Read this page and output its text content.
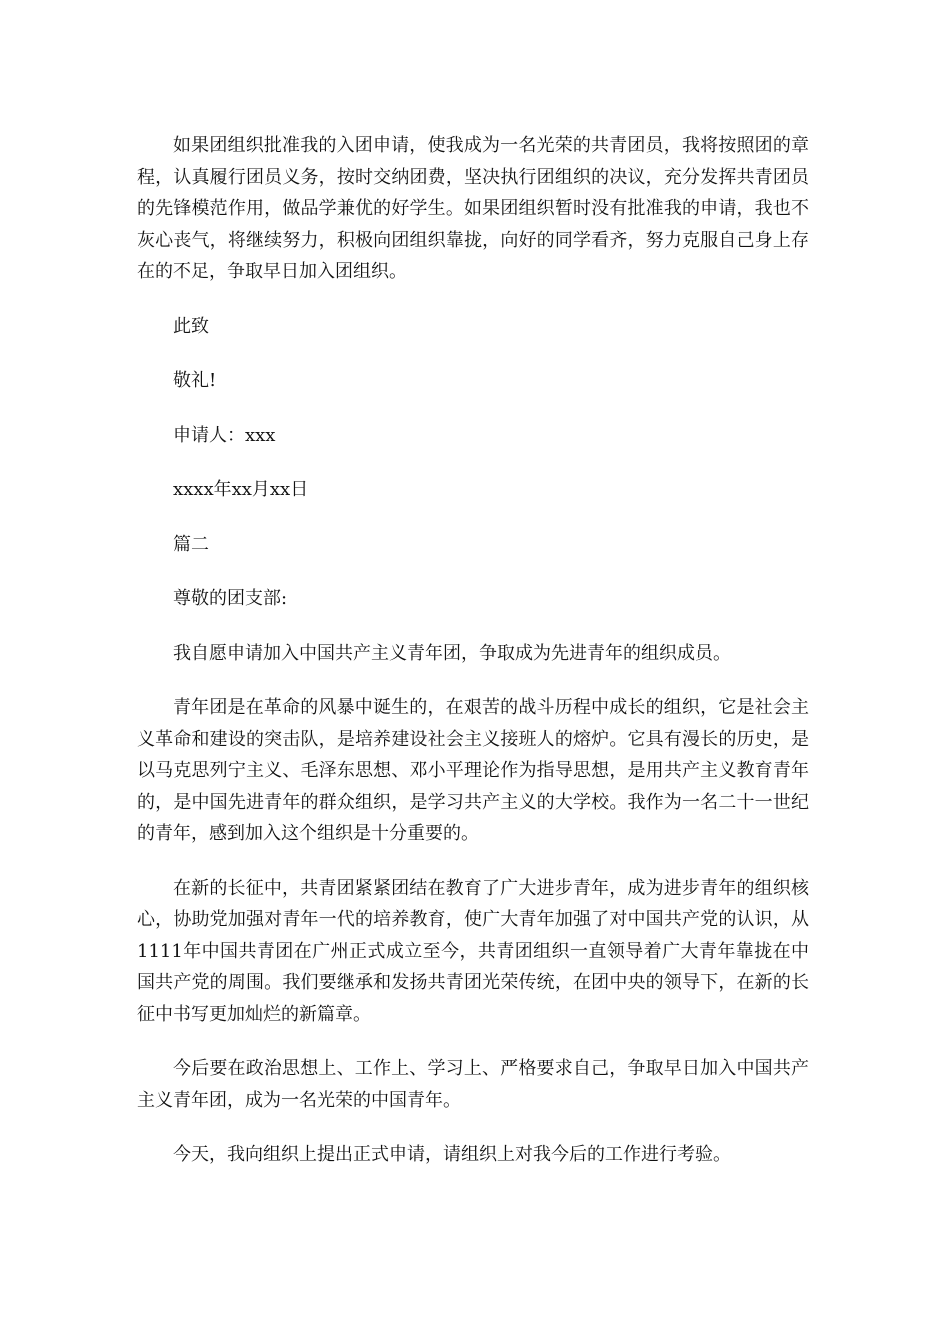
如果团组织批准我的入团申请，使我成为一名光荣的共青团员，我将按照团的章程，认真履行团员义务，按时交纳团费，坚决执行团组织的决议，充分发挥共青团员的先锋模范作用，做品学兼优的好学生。如果团组织暂时没有批准我的申请，我也不灰心丧气，将继续努力，积极向团组织靠拢，向好的同学看齐，努力克服自己身上存在的不足，争取早日加入团组织。

此致

敬礼!

申请人：xxx

xxxx年xx月xx日

篇二

尊敬的团支部:

我自愿申请加入中国共产主义青年团，争取成为先进青年的组织成员。

青年团是在革命的风暴中诞生的，在艰苦的战斗历程中成长的组织，它是社会主义革命和建设的突击队，是培养建设社会主义接班人的熔炉。它具有漫长的历史，是以马克思列宁主义、毛泽东思想、邓小平理论作为指导思想，是用共产主义教育青年的，是中国先进青年的群众组织，是学习共产主义的大学校。我作为一名二十一世纪的青年，感到加入这个组织是十分重要的。

在新的长征中，共青团紧紧团结在教育了广大进步青年，成为进步青年的组织核心，协助党加强对青年一代的培养教育，使广大青年加强了对中国共产党的认识，从1111年中国共青团在广州正式成立至今，共青团组织一直领导着广大青年靠拢在中国共产党的周围。我们要继承和发扬共青团光荣传统，在团中央的领导下，在新的长征中书写更加灿烂的新篇章。

今后要在政治思想上、工作上、学习上、严格要求自己，争取早日加入中国共产主义青年团，成为一名光荣的中国青年。

今天，我向组织上提出正式申请，请组织上对我今后的工作进行考验。
